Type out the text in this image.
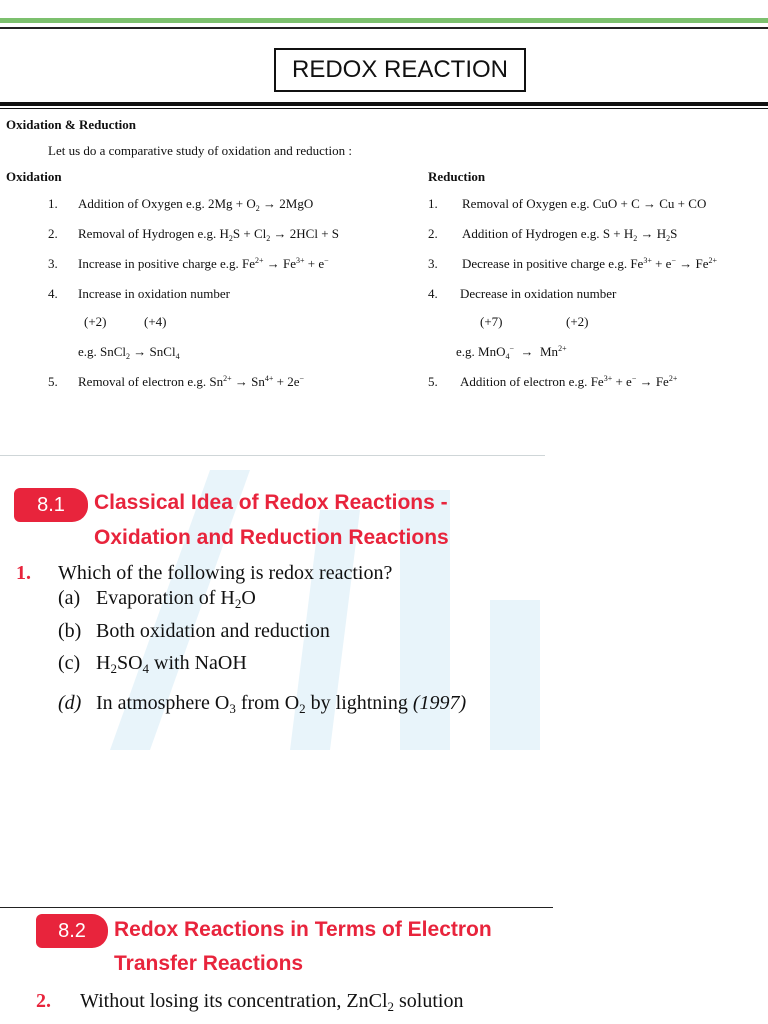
REDOX REACTION
Oxidation & Reduction
Let us do a comparative study of oxidation and reduction :
Oxidation
1. Addition of Oxygen e.g. $2Mg + O_2 \to 2MgO$
2. Removal of Hydrogen e.g. $H_2S + Cl_2 \to 2HCl + S$
3. Increase in positive charge e.g. $Fe^{2+} \to Fe^{3+} + e^-$
4. Increase in oxidation number
(+2)	(+4)
e.g. SnCl$_2$ → SnCl$_4$
5. Removal of electron e.g. $Sn^{2+} \to Sn^{4+} + 2e^-$
Reduction
1. Removal of Oxygen e.g. CuO + C → Cu + CO
2. Addition of Hydrogen e.g. $S + H_2 \to H_2S$
3. Decrease in positive charge e.g. $Fe^{3+} + e^- \to Fe^{2+}$
4. Decrease in oxidation number
(+7)	(+2)
e.g. $MnO_4^- \to Mn^{2+}$
5. Addition of electron e.g. $Fe^{3+} + e^- \to Fe^{2+}$
8.1	Classical Idea of Redox Reactions -
Oxidation and Reduction Reactions
1. Which of the following is redox reaction?
(a) Evaporation of $H_2O$
(b) Both oxidation and reduction
(c) $H_2SO_4$ with NaOH
(d) In atmosphere $O_3$ from $O_2$ by lightning (1997)
8.2	Redox Reactions in Terms of Electron
Transfer Reactions
2. Without losing its concentration, ZnCl$_2$ solution
